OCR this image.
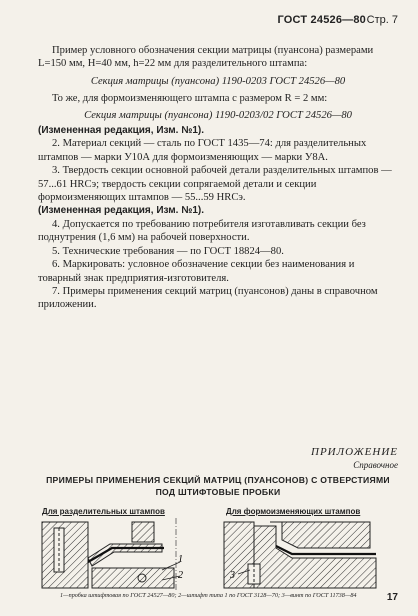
ГОСТ 24526—80 Стр. 7

Пример условного обозначения секции матрицы (пуансона) размерами L=150 мм, H=40 мм, h=22 мм для разделительного штампа:

Секция матрицы (пуансона) 1190-0203 ГОСТ 24526—80

То же, для формоизменяющего штампа с размером R = 2 мм:

Секция матрицы (пуансона) 1190-0203/02 ГОСТ 24526—80

(Измененная редакция, Изм. №1).

2. Материал секций — сталь по ГОСТ 1435—74: для разделительных штампов — марки У10А для формоизменяющих — марки У8А.

3. Твердость секции основной рабочей детали разделительных штампов — 57...61 HRCэ; твердость секции сопрягаемой детали и секции формоизменяющих штампов — 55...59 HRCэ.

(Измененная редакция, Изм. №1).

4. Допускается по требованию потребителя изготавливать секции без поднутрения (1,6 мм) на рабочей поверхности.

5. Технические требования — по ГОСТ 18824—80.

6. Маркировать: условное обозначение секции без наименования и товарный знак предприятия-изготовителя.

7. Примеры применения секций матриц (пуансонов) даны в справочном приложении.

ПРИЛОЖЕНИЕ
Справочное
ПРИМЕРЫ ПРИМЕНЕНИЯ СЕКЦИЙ МАТРИЦ (ПУАНСОНОВ) С ОТВЕРСТИЯМИ ПОД ШТИФТОВЫЕ ПРОБКИ
Для разделительных штампов	Для формоизменяющих штампов
1
2	3
1—пробка штифтовая по ГОСТ 24527—80; 2—штифт типа 1 по ГОСТ 3128—70; 3—винт по ГОСТ 11738—84	17
